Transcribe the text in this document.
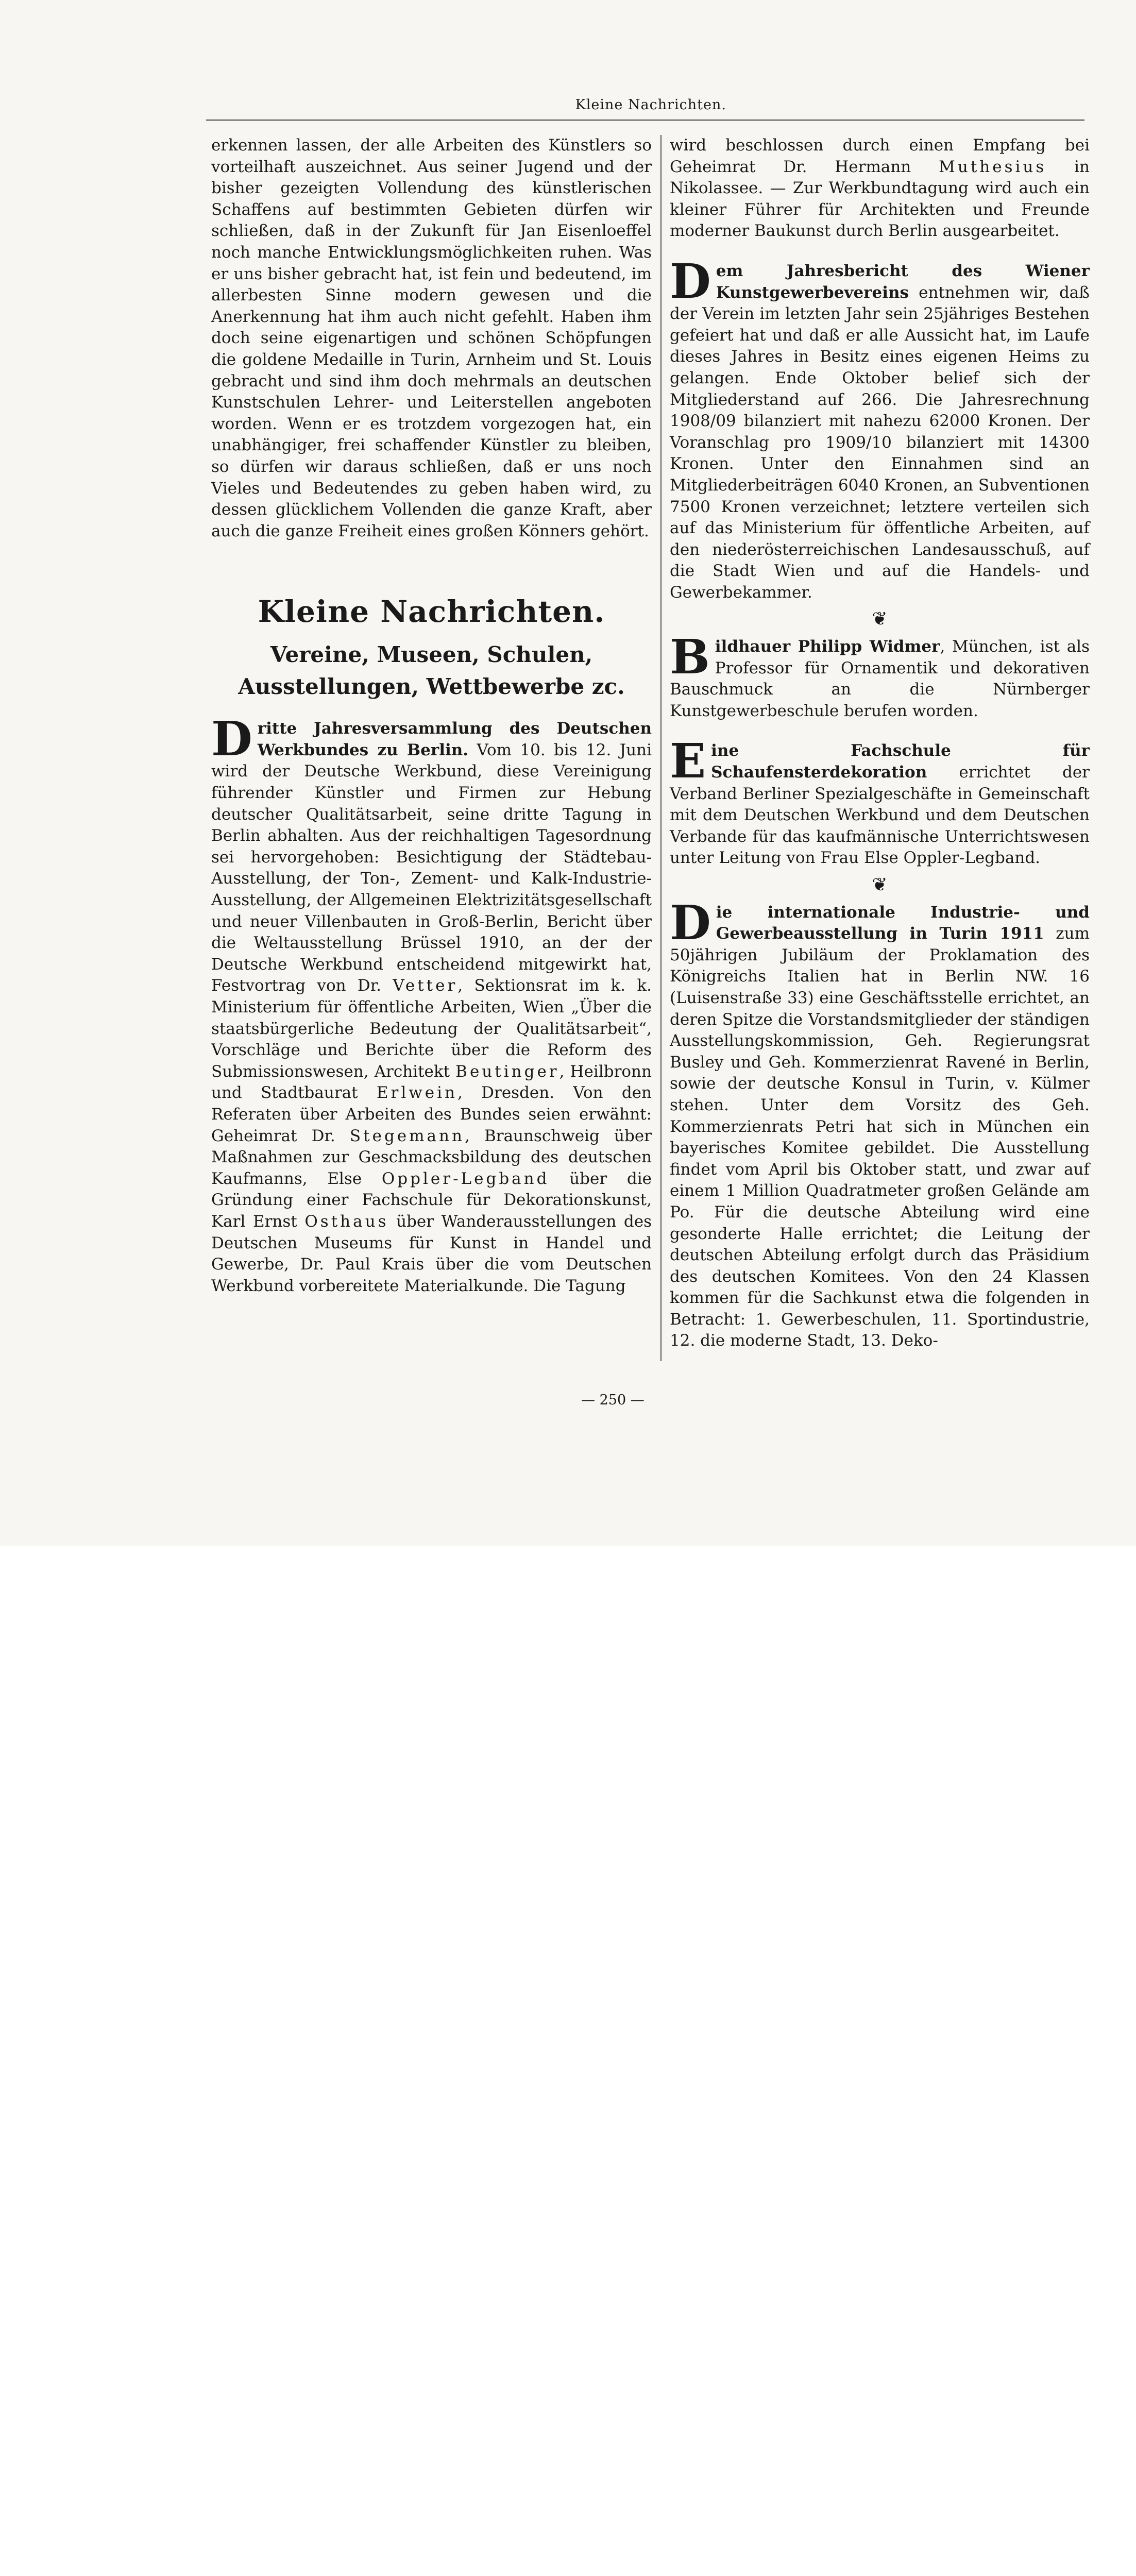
Kleine Nachrichten.

erkennen lassen, der alle Arbeiten des Künstlers so vorteilhaft auszeichnet. Aus seiner Jugend und der bisher gezeigten Vollendung des künstlerischen Schaffens auf bestimmten Gebieten dürfen wir schließen, daß in der Zukunft für Jan Eisenloeffel noch manche Entwicklungsmöglichkeiten ruhen. Was er uns bisher gebracht hat, ist fein und bedeutend, im allerbesten Sinne modern gewesen und die Anerkennung hat ihm auch nicht gefehlt. Haben ihm doch seine eigenartigen und schönen Schöpfungen die goldene Medaille in Turin, Arnheim und St. Louis gebracht und sind ihm doch mehrmals an deutschen Kunstschulen Lehrer- und Leiterstellen angeboten worden. Wenn er es trotzdem vorgezogen hat, ein unabhängiger, frei schaffender Künstler zu bleiben, so dürfen wir daraus schließen, daß er uns noch Vieles und Bedeutendes zu geben haben wird, zu dessen glücklichem Vollenden die ganze Kraft, aber auch die ganze Freiheit eines großen Könners gehört.

Kleine Nachrichten.
Vereine, Museen, Schulen, Ausstellungen, Wettbewerbe zc.

Dritte Jahresversammlung des Deutschen Werkbundes zu Berlin. Vom 10. bis 12. Juni wird der Deutsche Werkbund, diese Vereinigung führender Künstler und Firmen zur Hebung deutscher Qualitätsarbeit, seine dritte Tagung in Berlin abhalten. Aus der reichhaltigen Tagesordnung sei hervorgehoben: Besichtigung der Städtebau-Ausstellung, der Ton-, Zement- und Kalk-Industrie-Ausstellung, der Allgemeinen Elektrizitätsgesellschaft und neuer Villenbauten in Groß-Berlin, Bericht über die Weltausstellung Brüssel 1910, an der der Deutsche Werkbund entscheidend mitgewirkt hat, Festvortrag von Dr. Vetter, Sektionsrat im k. k. Ministerium für öffentliche Arbeiten, Wien „Über die staatsbürgerliche Bedeutung der Qualitätsarbeit“, Vorschläge und Berichte über die Reform des Submissionswesen, Architekt Beutinger, Heilbronn und Stadtbaurat Erlwein, Dresden. Von den Referaten über Arbeiten des Bundes seien erwähnt: Geheimrat Dr. Stegemann, Braunschweig über Maßnahmen zur Geschmacksbildung des deutschen Kaufmanns, Else Oppler-Legband über die Gründung einer Fachschule für Dekorationskunst, Karl Ernst Osthaus über Wanderausstellungen des Deutschen Museums für Kunst in Handel und Gewerbe, Dr. Paul Krais über die vom Deutschen Werkbund vorbereitete Materialkunde. Die Tagung

wird beschlossen durch einen Empfang bei Geheimrat Dr. Hermann Muthesius in Nikolassee. — Zur Werkbundtagung wird auch ein kleiner Führer für Architekten und Freunde moderner Baukunst durch Berlin ausgearbeitet.

Dem Jahresbericht des Wiener Kunstgewerbevereins entnehmen wir, daß der Verein im letzten Jahr sein 25jähriges Bestehen gefeiert hat und daß er alle Aussicht hat, im Laufe dieses Jahres in Besitz eines eigenen Heims zu gelangen. Ende Oktober belief sich der Mitgliederstand auf 266. Die Jahresrechnung 1908/09 bilanziert mit nahezu 62000 Kronen. Der Voranschlag pro 1909/10 bilanziert mit 14300 Kronen. Unter den Einnahmen sind an Mitgliederbeiträgen 6040 Kronen, an Subventionen 7500 Kronen verzeichnet; letztere verteilen sich auf das Ministerium für öffentliche Arbeiten, auf den niederösterreichischen Landesausschuß, auf die Stadt Wien und auf die Handels- und Gewerbekammer.

❦

Bildhauer Philipp Widmer, München, ist als Professor für Ornamentik und dekorativen Bauschmuck an die Nürnberger Kunstgewerbeschule berufen worden.

Eine Fachschule für Schaufensterdekoration errichtet der Verband Berliner Spezialgeschäfte in Gemeinschaft mit dem Deutschen Werkbund und dem Deutschen Verbande für das kaufmännische Unterrichtswesen unter Leitung von Frau Else Oppler-Legband.

❦

Die internationale Industrie- und Gewerbeausstellung in Turin 1911 zum 50jährigen Jubiläum der Proklamation des Königreichs Italien hat in Berlin NW. 16 (Luisenstraße 33) eine Geschäftsstelle errichtet, an deren Spitze die Vorstandsmitglieder der ständigen Ausstellungskommission, Geh. Regierungsrat Busley und Geh. Kommerzienrat Ravené in Berlin, sowie der deutsche Konsul in Turin, v. Külmer stehen. Unter dem Vorsitz des Geh. Kommerzienrats Petri hat sich in München ein bayerisches Komitee gebildet. Die Ausstellung findet vom April bis Oktober statt, und zwar auf einem 1 Million Quadratmeter großen Gelände am Po. Für die deutsche Abteilung wird eine gesonderte Halle errichtet; die Leitung der deutschen Abteilung erfolgt durch das Präsidium des deutschen Komitees. Von den 24 Klassen kommen für die Sachkunst etwa die folgenden in Betracht: 1. Gewerbeschulen, 11. Sportindustrie, 12. die moderne Stadt, 13. Deko-

— 250 —
